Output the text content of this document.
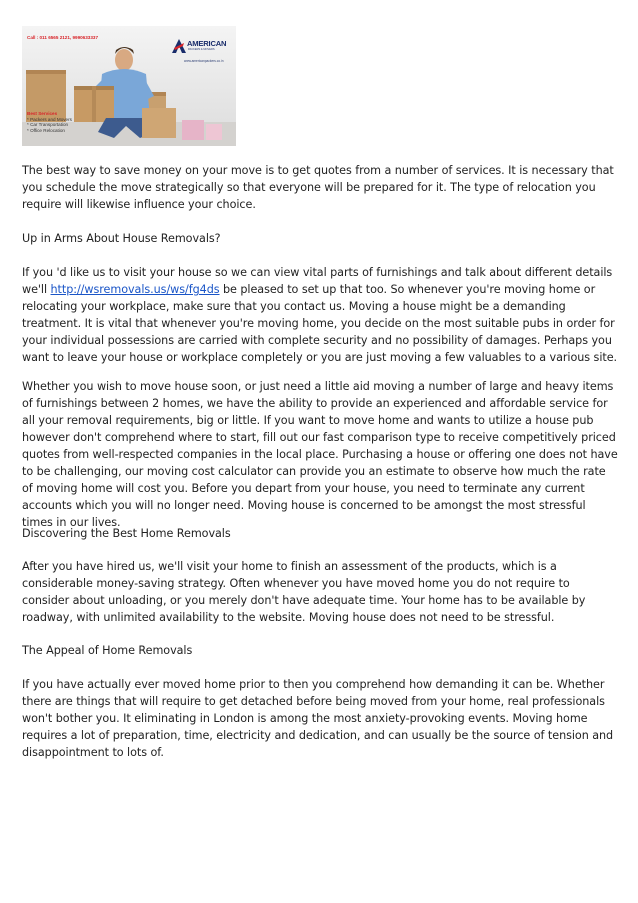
Call : 011 6565 2121, 9990633337
AMERICAN
PACKERS & MOVERS
www.americanpackers.co.in
Best Services
* Packers and Movers
* Car Transportation
* Office Relocation

The best way to save money on your move is to get quotes from a number of services. It is necessary that you schedule the move strategically so that everyone will be prepared for it. The type of relocation you require will likewise influence your choice.

Up in Arms About House Removals?

If you 'd like us to visit your house so we can view vital parts of furnishings and talk about different details we'll http://wsremovals.us/ws/fg4ds be pleased to set up that too. So whenever you're moving home or relocating your workplace, make sure that you contact us. Moving a house might be a demanding treatment. It is vital that whenever you're moving home, you decide on the most suitable pubs in order for your individual possessions are carried with complete security and no possibility of damages. Perhaps you want to leave your house or workplace completely or you are just moving a few valuables to a various site.

Whether you wish to move house soon, or just need a little aid moving a number of large and heavy items of furnishings between 2 homes, we have the ability to provide an experienced and affordable service for all your removal requirements, big or little. If you want to move home and wants to utilize a house pub however don't comprehend where to start, fill out our fast comparison type to receive competitively priced quotes from well-respected companies in the local place. Purchasing a house or offering one does not have to be challenging, our moving cost calculator can provide you an estimate to observe how much the rate of moving home will cost you. Before you depart from your house, you need to terminate any current accounts which you will no longer need. Moving house is concerned to be amongst the most stressful times in our lives.

Discovering the Best Home Removals

After you have hired us, we'll visit your home to finish an assessment of the products, which is a considerable money-saving strategy. Often whenever you have moved home you do not require to consider about unloading, or you merely don't have adequate time. Your home has to be available by roadway, with unlimited availability to the website. Moving house does not need to be stressful.

The Appeal of Home Removals

If you have actually ever moved home prior to then you comprehend how demanding it can be. Whether there are things that will require to get detached before being moved from your home, real professionals won't bother you. It eliminating in London is among the most anxiety-provoking events. Moving home requires a lot of preparation, time, electricity and dedication, and can usually be the source of tension and disappointment to lots of.
